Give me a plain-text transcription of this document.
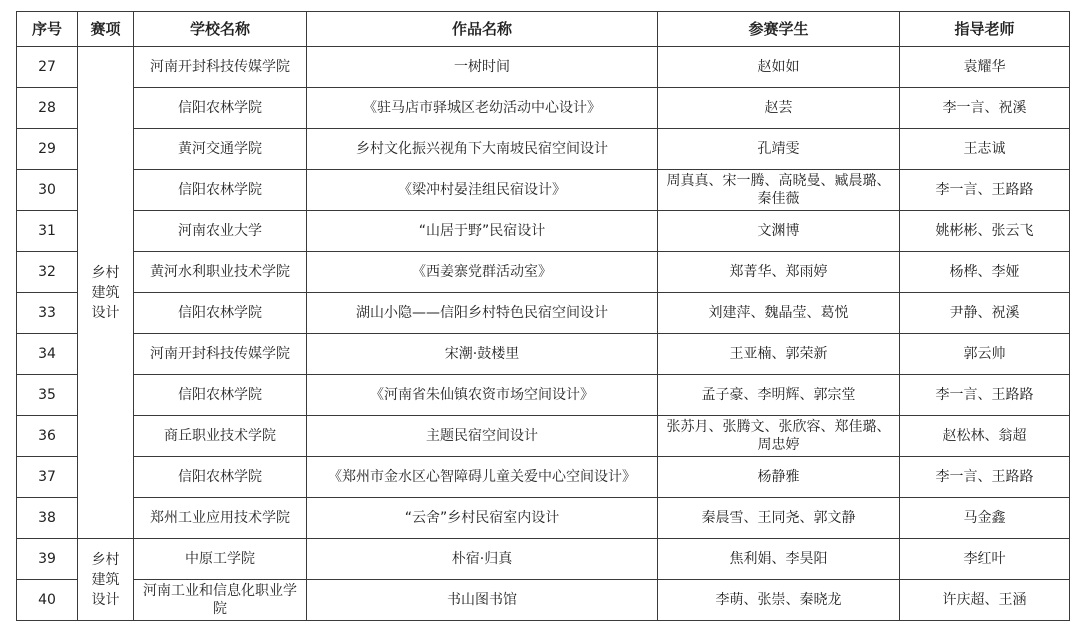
序号	赛项	学校名称	作品名称	参赛学生	指导老师
27	乡村建筑设计	河南开封科技传媒学院	一树时间	赵如如	袁耀华
28		信阳农林学院	《驻马店市驿城区老幼活动中心设计》	赵芸	李一言、祝溪
29		黄河交通学院	乡村文化振兴视角下大南坡民宿空间设计	孔靖雯	王志诚
30		信阳农林学院	《梁冲村晏洼组民宿设计》	周真真、宋一腾、高晓曼、臧晨璐、秦佳薇	李一言、王路路
31		河南农业大学	“山居于野”民宿设计	文渊博	姚彬彬、张云飞
32		黄河水利职业技术学院	《西姜寨党群活动室》	郑菁华、郑雨婷	杨桦、李娅
33		信阳农林学院	湖山小隐——信阳乡村特色民宿空间设计	刘建萍、魏晶莹、葛悦	尹静、祝溪
34		河南开封科技传媒学院	宋潮·鼓楼里	王亚楠、郭荣新	郭云帅
35		信阳农林学院	《河南省朱仙镇农资市场空间设计》	孟子豪、李明辉、郭宗堂	李一言、王路路
36		商丘职业技术学院	主题民宿空间设计	张苏月、张腾文、张欣容、郑佳璐、周忠婷	赵松林、翁超
37		信阳农林学院	《郑州市金水区心智障碍儿童关爱中心空间设计》	杨静雅	李一言、王路路
38		郑州工业应用技术学院	“云舍”乡村民宿室内设计	秦晨雪、王同尧、郭文静	马金鑫
39	乡村建筑设计	中原工学院	朴宿·归真	焦利娟、李昊阳	李红叶
40		河南工业和信息化职业学院	书山图书馆	李萌、张崇、秦晓龙	许庆超、王涵
